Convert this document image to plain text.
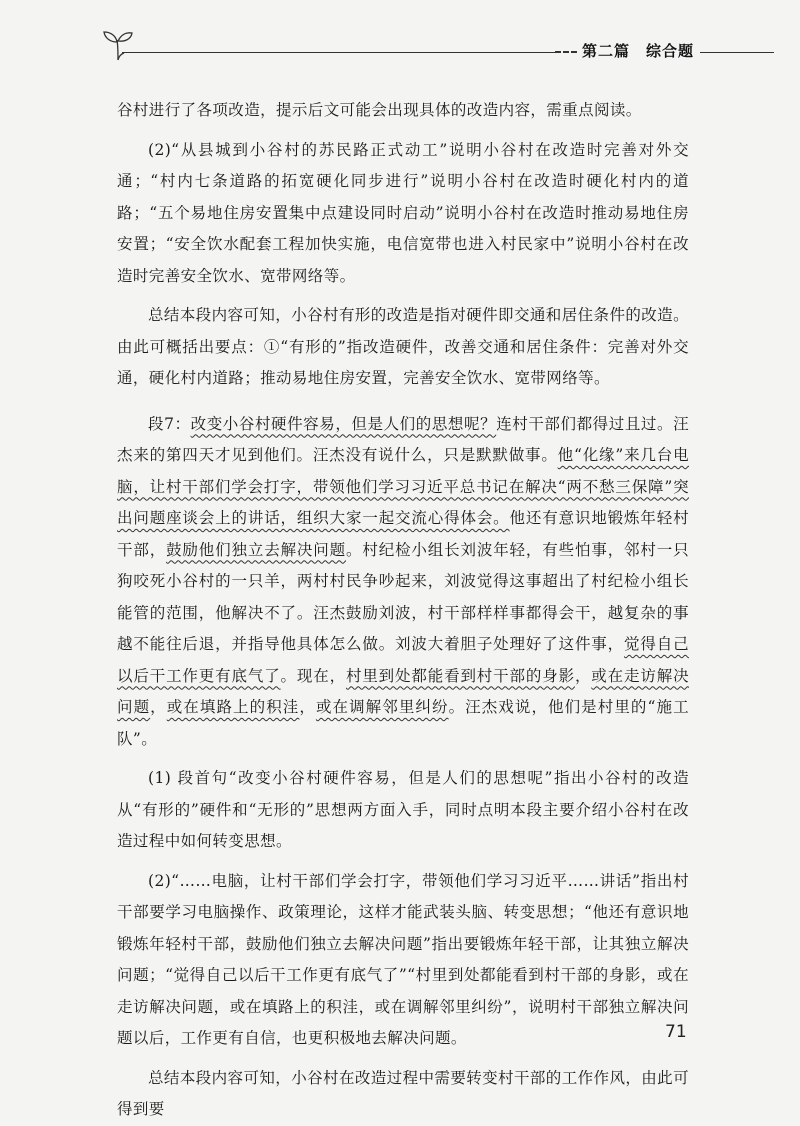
第二篇　综合题

谷村进行了各项改造，提示后文可能会出现具体的改造内容，需重点阅读。

(2)“从县城到小谷村的苏民路正式动工”说明小谷村在改造时完善对外交通；“村内七条道路的拓宽硬化同步进行”说明小谷村在改造时硬化村内的道路；“五个易地住房安置集中点建设同时启动”说明小谷村在改造时推动易地住房安置；“安全饮水配套工程加快实施，电信宽带也进入村民家中”说明小谷村在改造时完善安全饮水、宽带网络等。

总结本段内容可知，小谷村有形的改造是指对硬件即交通和居住条件的改造。由此可概括出要点：①“有形的”指改造硬件，改善交通和居住条件：完善对外交通，硬化村内道路；推动易地住房安置，完善安全饮水、宽带网络等。

段7：改变小谷村硬件容易，但是人们的思想呢？连村干部们都得过且过。汪杰来的第四天才见到他们。汪杰没有说什么，只是默默做事。他“化缘”来几台电脑，让村干部们学会打字，带领他们学习习近平总书记在解决“两不愁三保障”突出问题座谈会上的讲话，组织大家一起交流心得体会。他还有意识地锻炼年轻村干部，鼓励他们独立去解决问题。村纪检小组长刘波年轻，有些怕事，邻村一只狗咬死小谷村的一只羊，两村村民争吵起来，刘波觉得这事超出了村纪检小组长能管的范围，他解决不了。汪杰鼓励刘波，村干部样样事都得会干，越复杂的事越不能往后退，并指导他具体怎么做。刘波大着胆子处理好了这件事，觉得自己以后干工作更有底气了。现在，村里到处都能看到村干部的身影，或在走访解决问题，或在填路上的积洼，或在调解邻里纠纷。汪杰戏说，他们是村里的“施工队”。

(1) 段首句“改变小谷村硬件容易，但是人们的思想呢”指出小谷村的改造从“有形的”硬件和“无形的”思想两方面入手，同时点明本段主要介绍小谷村在改造过程中如何转变思想。

(2)“……电脑，让村干部们学会打字，带领他们学习习近平……讲话”指出村干部要学习电脑操作、政策理论，这样才能武装头脑、转变思想；“他还有意识地锻炼年轻村干部，鼓励他们独立去解决问题”指出要锻炼年轻干部，让其独立解决问题；“觉得自己以后干工作更有底气了”“村里到处都能看到村干部的身影，或在走访解决问题，或在填路上的积洼，或在调解邻里纠纷”，说明村干部独立解决问题以后，工作更有自信，也更积极地去解决问题。

总结本段内容可知，小谷村在改造过程中需要转变村干部的工作作风，由此可得到要

71
